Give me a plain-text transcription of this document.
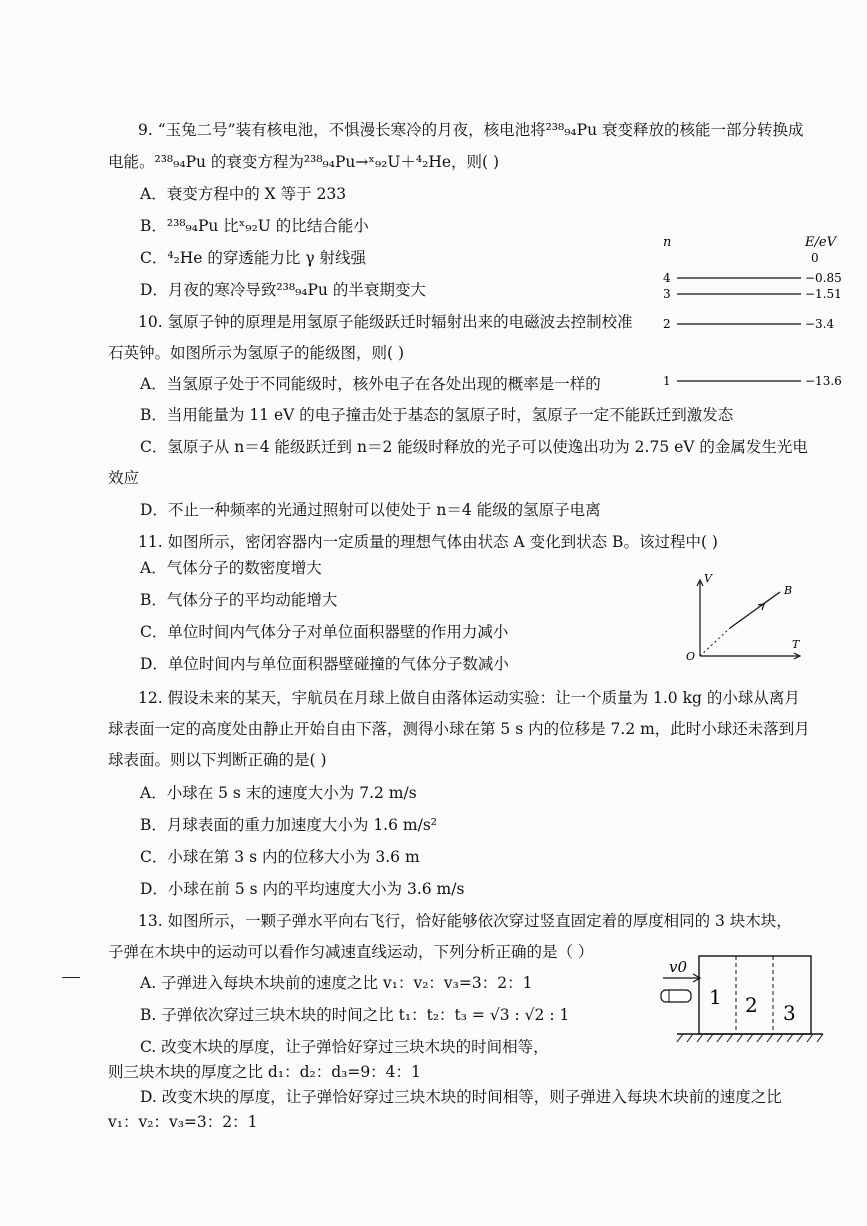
9. “玉兔二号”装有核电池，不惧漫长寒冷的月夜，核电池将²³⁸₉₄Pu 衰变释放的核能一部分转换成
电能。²³⁸₉₄Pu 的衰变方程为²³⁸₉₄Pu→ˣ₉₂U＋⁴₂He，则( )
A．衰变方程中的 X 等于 233
B．²³⁸₉₄Pu 比ˣ₉₂U 的比结合能小
C．⁴₂He 的穿透能力比 γ 射线强
D．月夜的寒冷导致²³⁸₉₄Pu 的半衰期变大
10. 氢原子钟的原理是用氢原子能级跃迁时辐射出来的电磁波去控制校准
石英钟。如图所示为氢原子的能级图，则( )
A．当氢原子处于不同能级时，核外电子在各处出现的概率是一样的
B．当用能量为 11 eV 的电子撞击处于基态的氢原子时，氢原子一定不能跃迁到激发态
C．氢原子从 n＝4 能级跃迁到 n＝2 能级时释放的光子可以使逸出功为 2.75 eV 的金属发生光电
效应
D．不止一种频率的光通过照射可以使处于 n＝4 能级的氢原子电离
n	E/eV
0
4	−0.85
3	−1.51
2	−3.4
1	−13.6
11. 如图所示，密闭容器内一定质量的理想气体由状态 A 变化到状态 B。该过程中( )
A．气体分子的数密度增大
B．气体分子的平均动能增大
C．单位时间内气体分子对单位面积器壁的作用力减小
D．单位时间内与单位面积器壁碰撞的气体分子数减小
V
T
O
B
12. 假设未来的某天，宇航员在月球上做自由落体运动实验：让一个质量为 1.0 kg 的小球从离月
球表面一定的高度处由静止开始自由下落，测得小球在第 5 s 内的位移是 7.2 m，此时小球还未落到月
球表面。则以下判断正确的是( )
A．小球在 5 s 末的速度大小为 7.2 m/s
B．月球表面的重力加速度大小为 1.6 m/s²
C．小球在第 3 s 内的位移大小为 3.6 m
D．小球在前 5 s 内的平均速度大小为 3.6 m/s
13. 如图所示，一颗子弹水平向右飞行，恰好能够依次穿过竖直固定着的厚度相同的 3 块木块，
子弹在木块中的运动可以看作匀减速直线运动，下列分析正确的是（ ）
A. 子弹进入每块木块前的速度之比 v₁：v₂：v₃=3：2：1
B. 子弹依次穿过三块木块的时间之比 t₁：t₂：t₃ = √3 : √2 : 1
C. 改变木块的厚度，让子弹恰好穿过三块木块的时间相等，
则三块木块的厚度之比 d₁：d₂：d₃=9：4：1
D. 改变木块的厚度，让子弹恰好穿过三块木块的时间相等，则子弹进入每块木块前的速度之比
v₁：v₂：v₃=3：2：1
v0
1 2 3
